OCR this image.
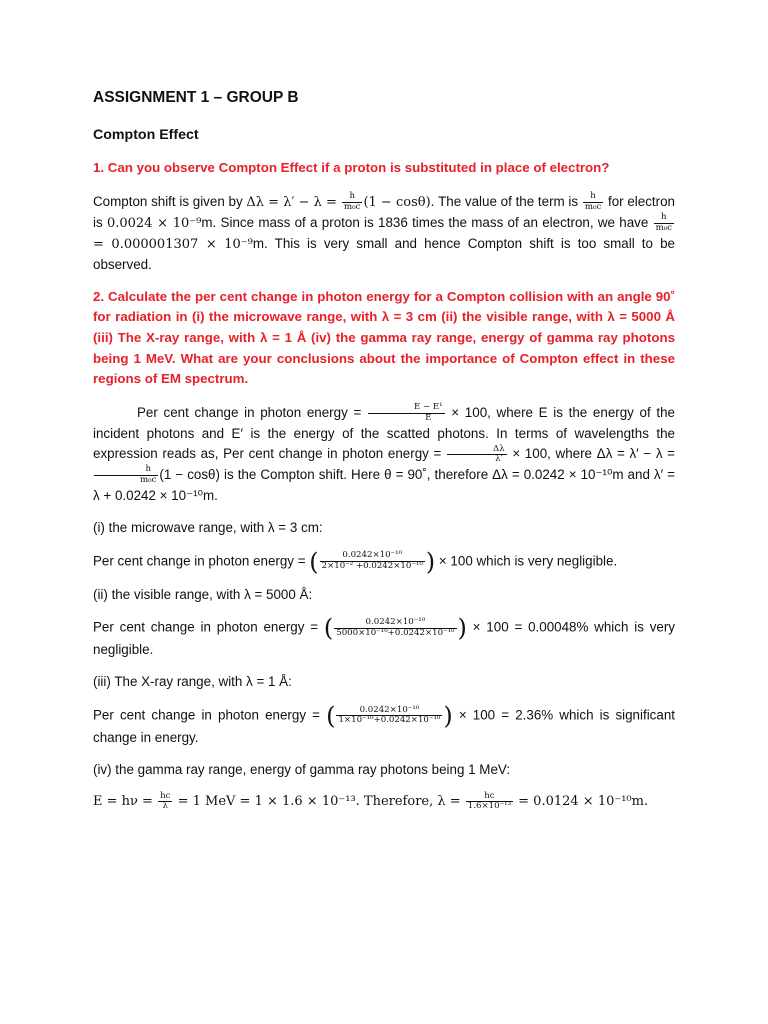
ASSIGNMENT 1 – GROUP B
Compton Effect
1. Can you observe Compton Effect if a proton is substituted in place of electron?

Compton shift is given by $\Delta\lambda = \lambda' - \lambda = \frac{h}{\text{m₀c}} (1 - \cos\theta)$. The value of the term is $\frac{h}{\text{m₀c}}$ for electron is 0.0024 × 10⁻⁹m. Since mass of a proton is 1836 times the mass of an electron, we have $\frac{h}{\text{m₀c}}$
= 0.000001307 × 10⁻⁹m. This is very small and hence Compton shift is too small to be observed.

2. Calculate the per cent change in photon energy for a Compton collision with an angle 90˚ for radiation in (i) the microwave range, with λ = 3 cm (ii) the visible range, with λ = 5000 Å (iii) The X-ray range, with λ = 1 Å (iv) the gamma ray range, energy of gamma ray photons being 1 MeV. What are your conclusions about the importance of Compton effect in these regions of EM spectrum.

Per cent change in photon energy = $\frac{\text{E − E¹}}{E} \times 100$, where E is the energy of the incident photons and E′ is the energy of the scatted photons. In terms of wavelengths the expression reads as, Per cent change in photon energy = $\frac{\Delta\lambda}{\lambda'} \times 100$, where Δλ = λ′ − λ =
$\frac{h}{\text{m₀c}} (1 - \cos\theta)$ is the Compton shift. Here θ = 90˚, therefore Δλ = 0.0242 × 10⁻¹⁰m and λ′ = λ + 0.0242 × 10⁻¹⁰m.

(i) the microwave range, with λ = 3 cm:

Per cent change in photon energy = ( $\frac{\text{0.0242×10⁻¹⁰}}{\text{2×10⁻² +0.0242×10⁻¹⁰}}$ ) × 100 which is very negligible.

(ii) the visible range, with λ = 5000 Å:

Per cent change in photon energy = ( $\frac{\text{0.0242×10⁻¹⁰}}{\text{5000×10⁻¹⁰+0.0242×10⁻¹⁰}}$ ) × 100 = 0.00048% which is very negligible.

(iii) The X-ray range, with λ = 1 Å:

Per cent change in photon energy = ( $\frac{\text{0.0242×10⁻¹⁰}}{\text{1×10⁻¹⁰+0.0242×10⁻¹⁰}}$ ) × 100 = 2.36% which is significant change in energy.

(iv) the gamma ray range, energy of gamma ray photons being 1 MeV:

$E = h\nu = \frac{hc}{\lambda} = 1$ MeV = 1 × 1.6 × 10⁻¹³. Therefore, $\lambda = \frac{hc}{\text{1.6×10⁻¹³}} = 0.0124 \times 10^{-10}m$.
